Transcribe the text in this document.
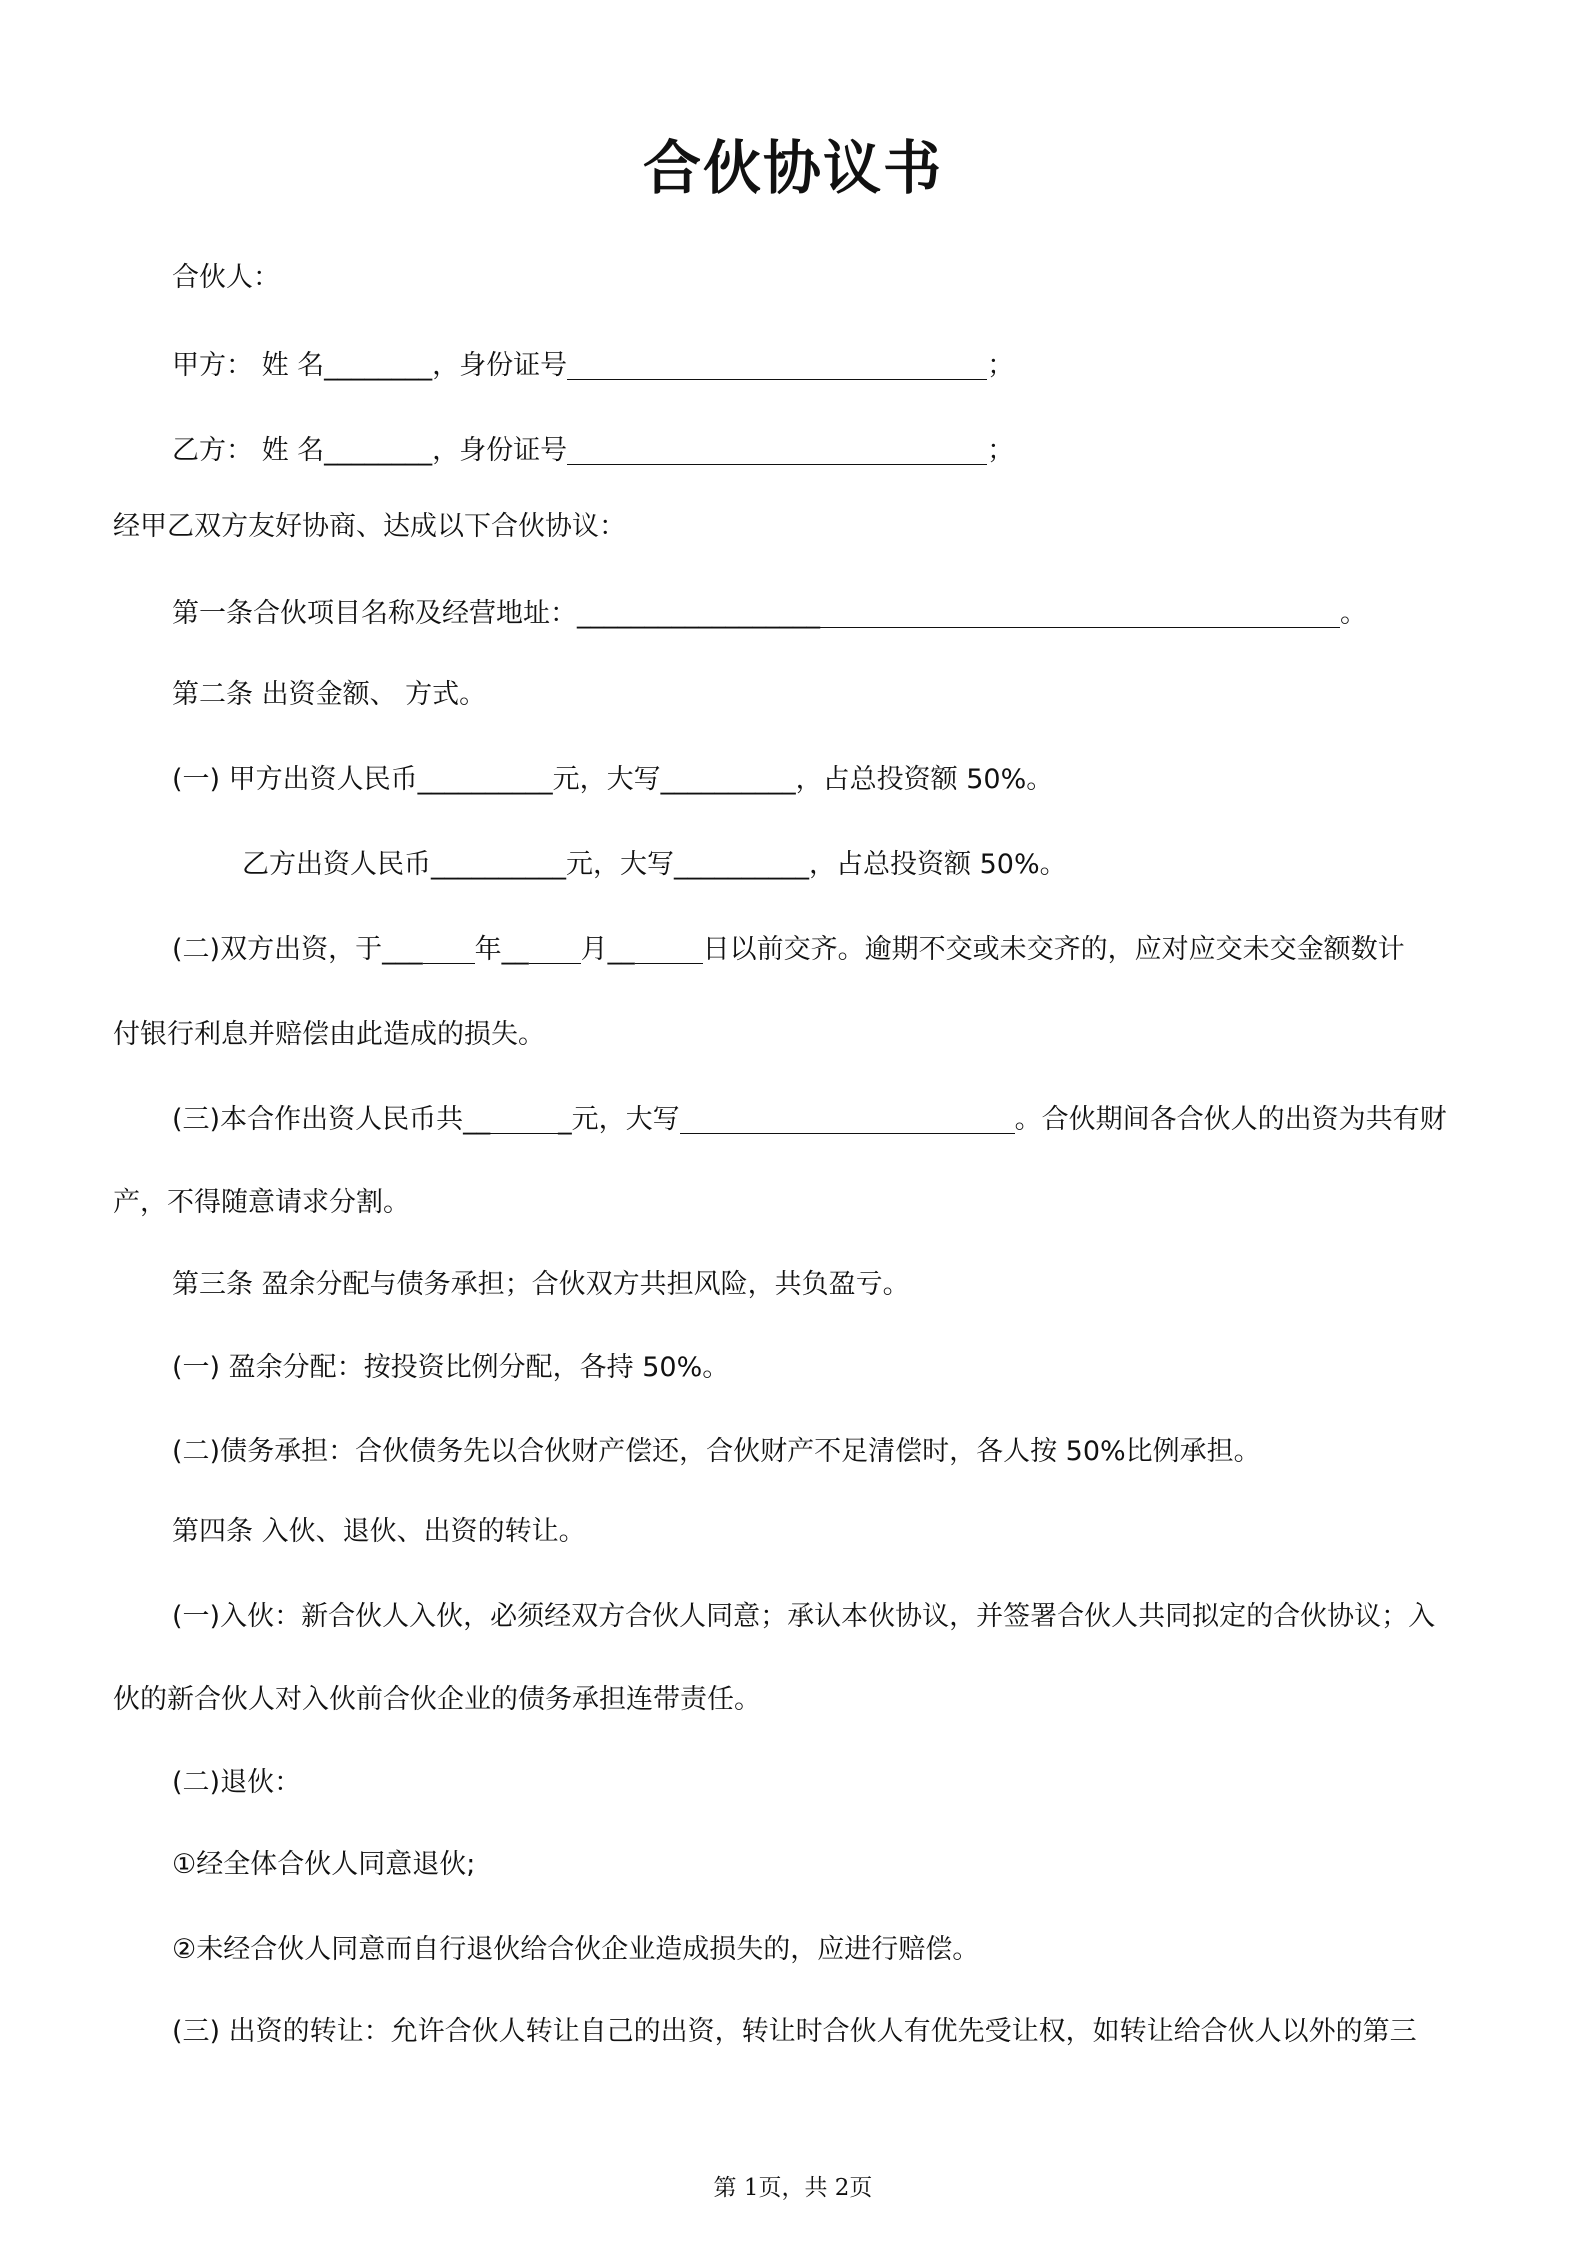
合伙协议书
合伙人：
甲方： 姓 名________，身份证号	；
乙方： 姓 名________，身份证号	；
经甲乙双方友好协商、达成以下合伙协议：
第一条合伙项目名称及经营地址：__________________	。
第二条 出资金额、 方式。
(一) 甲方出资人民币__________元，大写__________，占总投资额 50%。
乙方出资人民币__________元，大写__________，占总投资额 50%。
(二)双方出资，于___ 年__ 月__	日以前交齐。逾期不交或未交齐的，应对应交未交金额数计
付银行利息并赔偿由此造成的损失。
(三)本合作出资人民币共__	_元，大写	。合伙期间各合伙人的出资为共有财
产，不得随意请求分割。
第三条 盈余分配与债务承担；合伙双方共担风险，共负盈亏。
(一) 盈余分配：按投资比例分配，各持 50%。
(二)债务承担：合伙债务先以合伙财产偿还，合伙财产不足清偿时，各人按 50%比例承担。
第四条 入伙、退伙、出资的转让。
(一)入伙：新合伙人入伙，必须经双方合伙人同意；承认本伙协议，并签署合伙人共同拟定的合伙协议；入
伙的新合伙人对入伙前合伙企业的债务承担连带责任。
(二)退伙：
①经全体合伙人同意退伙;
②未经合伙人同意而自行退伙给合伙企业造成损失的，应进行赔偿。
(三) 出资的转让：允许合伙人转让自己的出资，转让时合伙人有优先受让权，如转让给合伙人以外的第三
第 1页，共 2页
